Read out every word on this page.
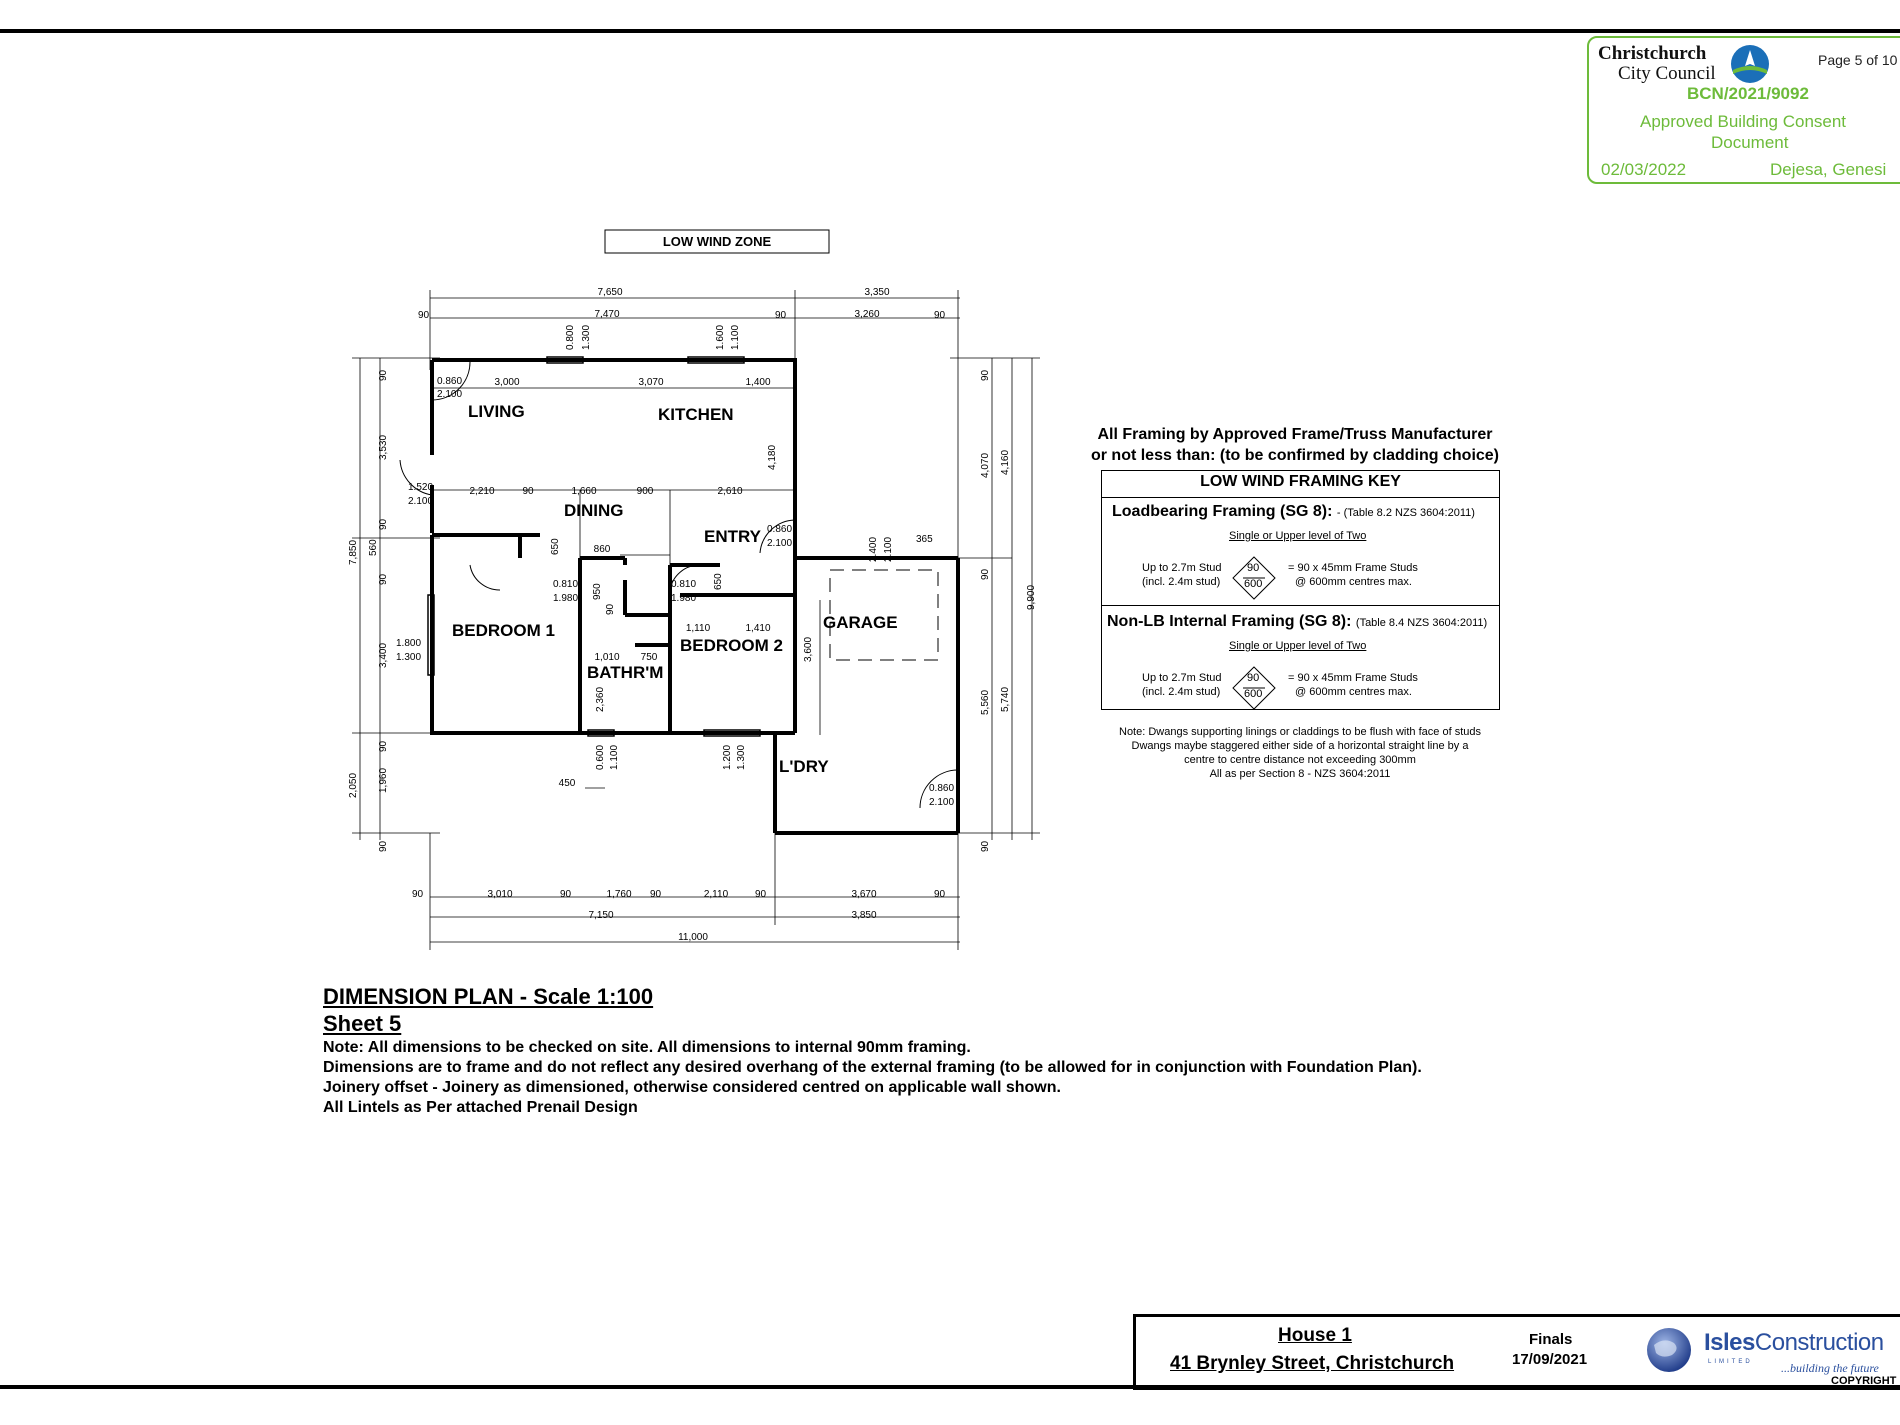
Christchurch
City Council
Page 5 of 10
BCN/2021/9092
Approved Building Consent
Document
02/03/2022	Dejesa, Genesi
LOW WIND ZONE
LIVING	KITCHEN
DINING
ENTRY
BEDROOM 1
BATHR'M
BEDROOM 2
GARAGE
L'DRY
7,650	3,350
90	7,470	90	3,260	90
0.800 1.300	1.600 1.100
3,000	3,070	1,400
0.860
2.100
2,210	90	1,660	900	2,610
1.520
2.100
4,180
0.860
2.100
860
650	2.400 2.100 365
0.810
1.980
0.810
1.980
950
90
650
1,110	1,410
1,010 750	3,600
2,360
1.800
1.300
0.600 1.100	1.200 1.300
450	0.860
2.100
7,850
90
3,530
90
560
90
3,400
90
2,050 1,960
90
90
4,070 4,160
90
9,900
5,560 5,740
90
90	3,010	90	1,760 90	2,110	90	3,670	90
7,150	3,850
11,000
All Framing by Approved Frame/Truss Manufacturer
or not less than: (to be confirmed by cladding choice)
LOW WIND FRAMING KEY
Loadbearing Framing (SG 8): - (Table 8.2 NZS 3604:2011)
Single or Upper level of Two
Up to 2.7m Stud
(incl. 2.4m stud)
90
600
= 90 x 45mm Frame Studs
@ 600mm centres max.
Non-LB Internal Framing (SG 8): (Table 8.4 NZS 3604:2011)
Single or Upper level of Two
Up to 2.7m Stud
(incl. 2.4m stud)
90
600
= 90 x 45mm Frame Studs
@ 600mm centres max.
Note: Dwangs supporting linings or claddings to be flush with face of studs
Dwangs maybe staggered either side of a horizontal straight line by a
centre to centre distance not exceeding 300mm
All as per Section 8 - NZS 3604:2011
DIMENSION PLAN - Scale 1:100
Sheet 5
Note: All dimensions to be checked on site. All dimensions to internal 90mm framing.
Dimensions are to frame and do not reflect any desired overhang of the external framing (to be allowed for in conjunction with Foundation Plan).
Joinery offset - Joinery as dimensioned, otherwise considered centred on applicable wall shown.
All Lintels as Per attached Prenail Design
House 1
41 Brynley Street, Christchurch
Finals
17/09/2021
IslesConstruction
LIMITED ...building the future
COPYRIGHT
